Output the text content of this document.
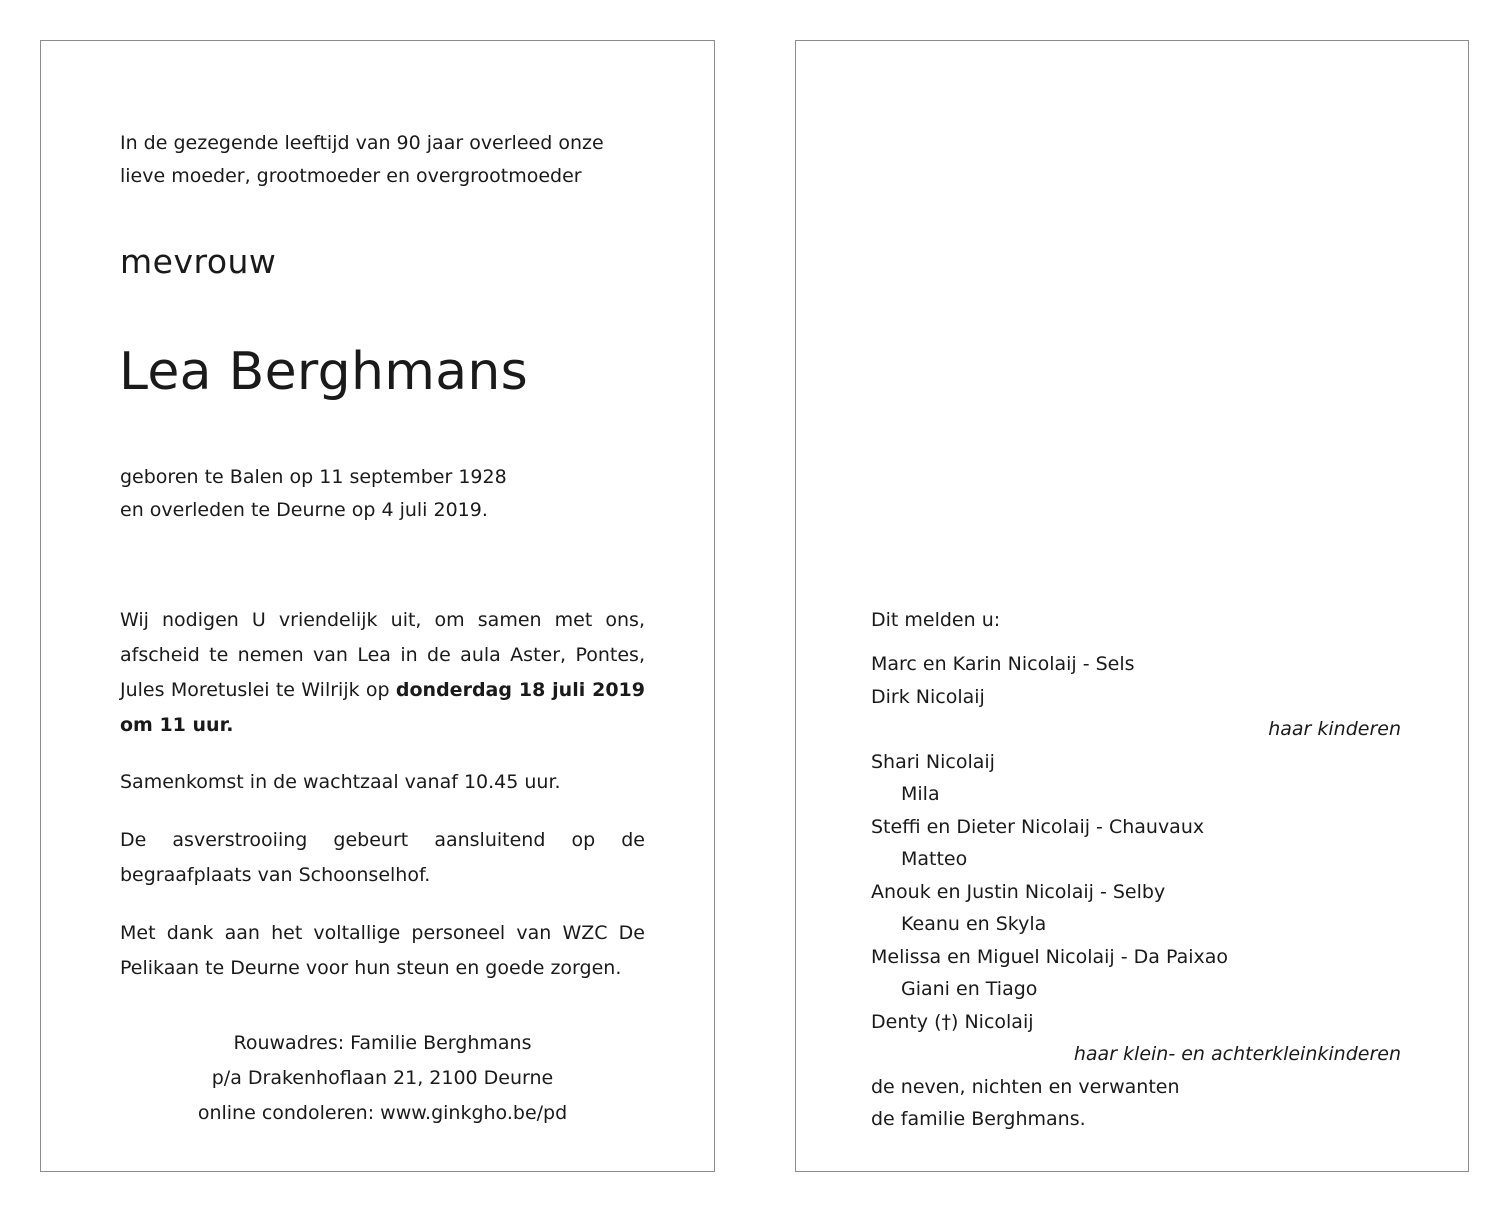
In de gezegende leeftijd van 90 jaar overleed onze
lieve moeder, grootmoeder en overgrootmoeder

mevrouw

Lea Berghmans

geboren te Balen op 11 september 1928
en overleden te Deurne op 4 juli 2019.

Wij nodigen U vriendelijk uit, om samen met ons, afscheid te nemen van Lea in de aula Aster, Pontes, Jules Moretuslei te Wilrijk op donderdag 18 juli 2019 om 11 uur.

Samenkomst in de wachtzaal vanaf 10.45 uur.

De asverstrooiing gebeurt aansluitend op de begraafplaats van Schoonselhof.

Met dank aan het voltallige personeel van WZC De Pelikaan te Deurne voor hun steun en goede zorgen.

Rouwadres: Familie Berghmans
p/a Drakenhoflaan 21, 2100 Deurne
online condoleren: www.ginkgho.be/pd

Dit melden u:

Marc en Karin Nicolaij - Sels
Dirk Nicolaij
haar kinderen
Shari Nicolaij
Mila
Steffi en Dieter Nicolaij - Chauvaux
Matteo
Anouk en Justin Nicolaij - Selby
Keanu en Skyla
Melissa en Miguel Nicolaij - Da Paixao
Giani en Tiago
Denty (†) Nicolaij
haar klein- en achterkleinkinderen
de neven, nichten en verwanten
de familie Berghmans.
